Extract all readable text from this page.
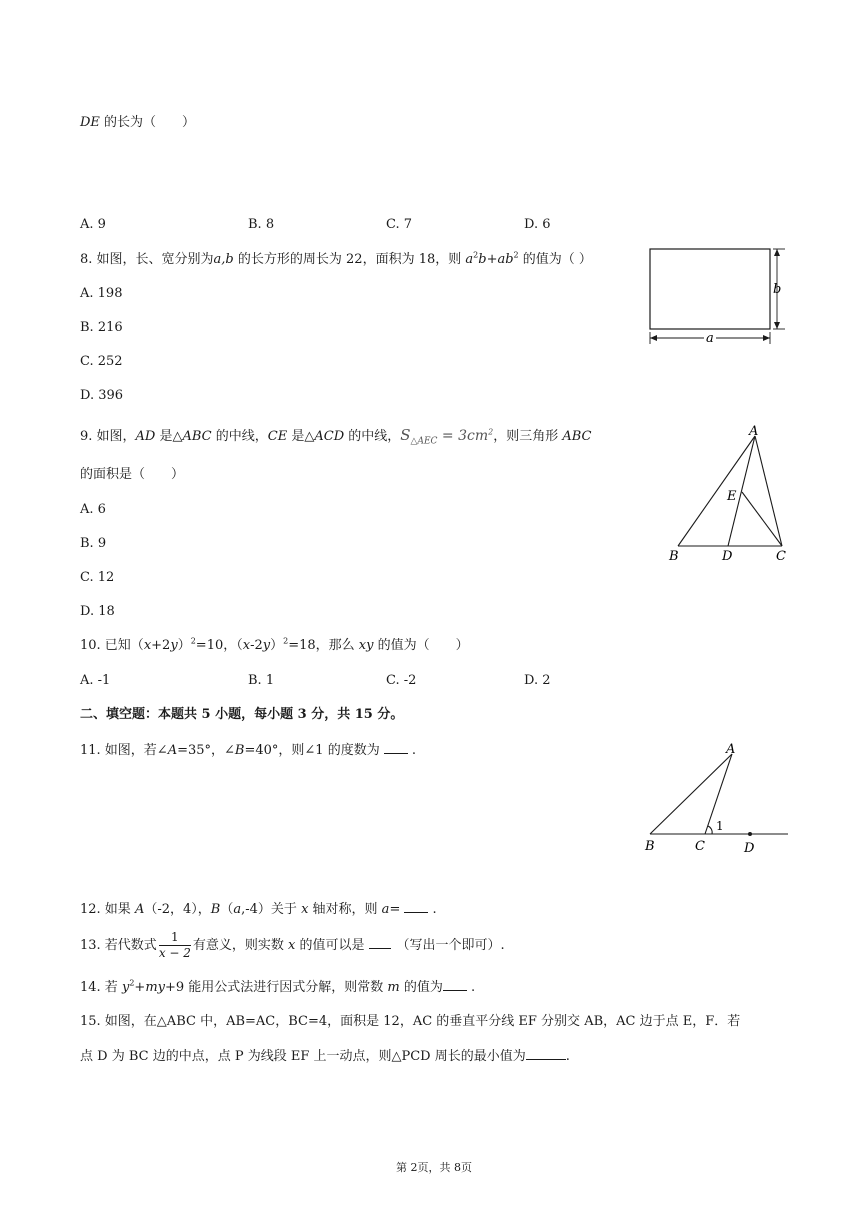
DE 的长为（　　）
A. 9	B. 8	C. 7	D. 6
8. 如图，长、宽分别为a,b 的长方形的周长为 22，面积为 18，则 $a^2b+ab^2$ 的值为（ ）
A. 198
B. 216
C. 252
D. 396
b
a
9. 如图，AD 是△ABC 的中线，CE 是△ACD 的中线，$S_{\triangle AEC} = 3cm^2$，则三角形 ABC
的面积是（　　）
A. 6
B. 9
C. 12
D. 18
A
B	D	C
E
10. 已知$(x+2y)^2=10$，$(x-2y)^2=18$，那么 xy 的值为（　　）
A. -1	B. 1	C. -2	D. 2
二、填空题：本题共 5 小题，每小题 3 分，共 15 分。
11. 如图，若∠A=35°，∠B=40°，则∠1 的度数为 .	A
B	C	D
1
12. 如果 A（-2，4），B（a,-4）关于 x 轴对称，则 a= .
13. 若代数式 $\frac{1}{x - 2}$ 有意义，则实数 x 的值可以是 （写出一个即可）.
14. 若 $y^2+my+9$ 能用公式法进行因式分解，则常数 m 的值为 .
15. 如图，在△ABC 中，AB=AC，BC=4，面积是 12，AC 的垂直平分线 EF 分别交 AB，AC 边于点 E，F．若
点 D 为 BC 边的中点，点 P 为线段 EF 上一动点，则△PCD 周长的最小值为	.
第 2页，共 8页
